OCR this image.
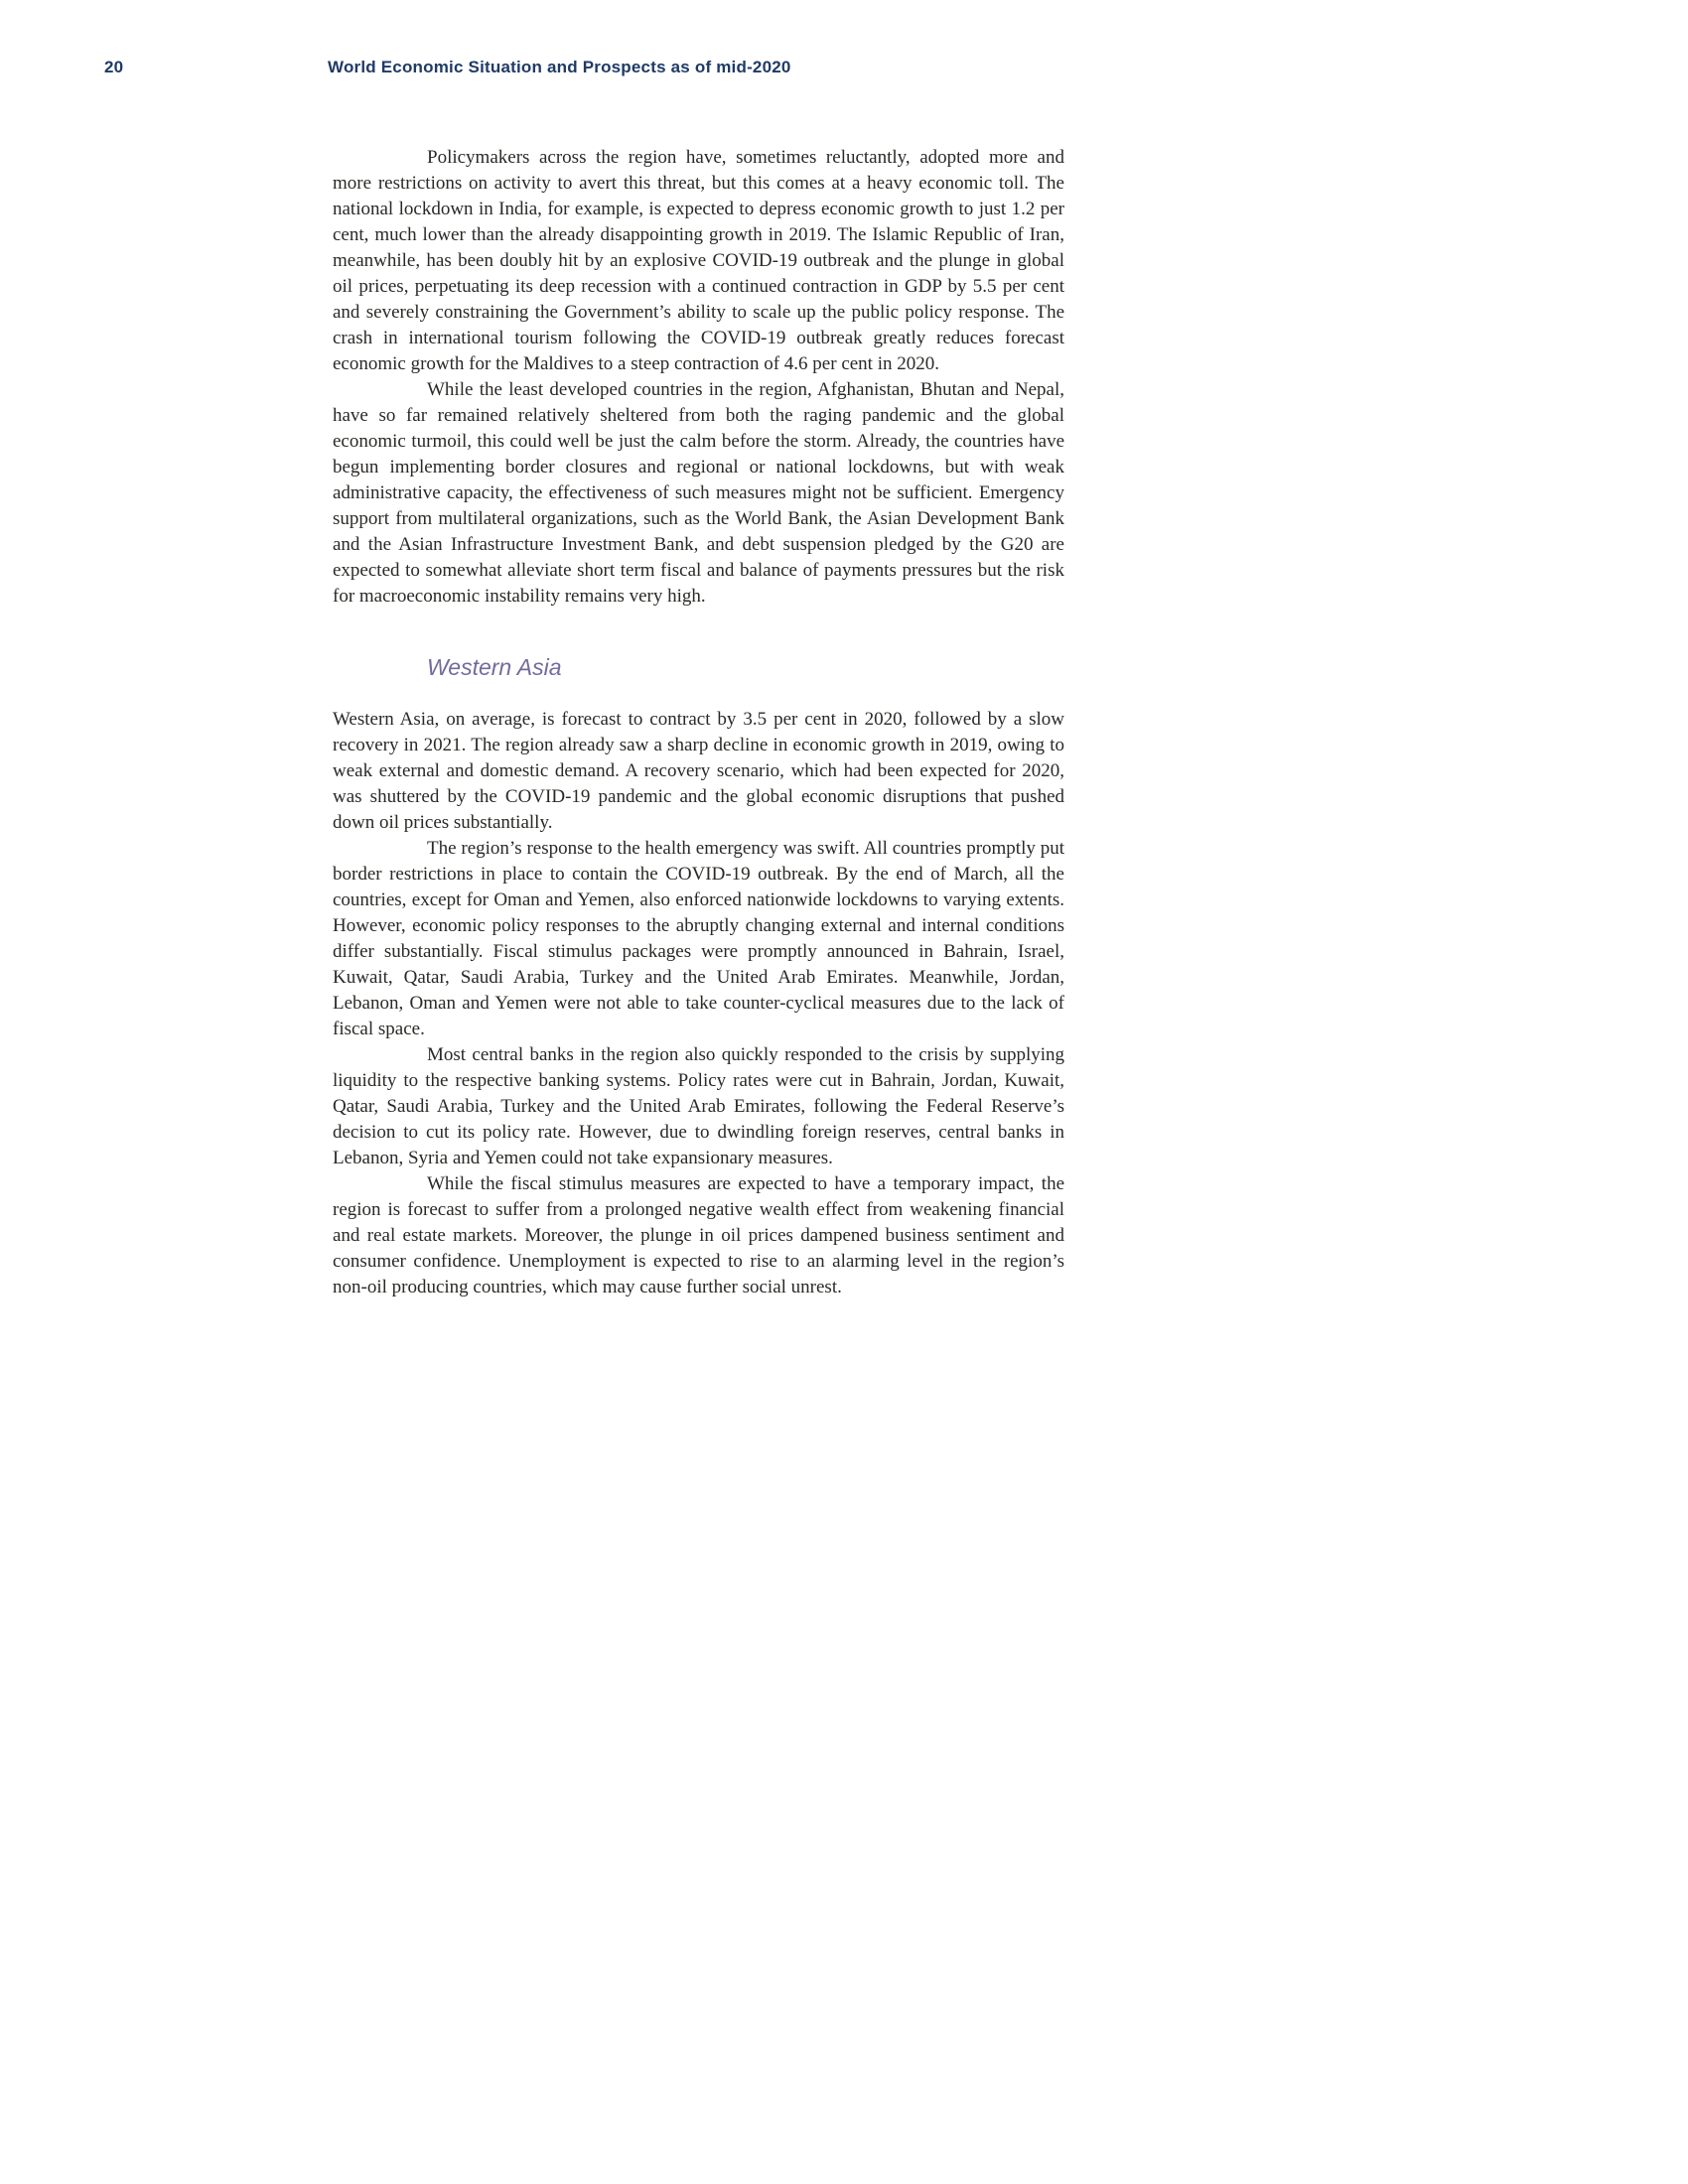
20	World Economic Situation and Prospects as of mid-2020

Policymakers across the region have, sometimes reluctantly, adopted more and more restrictions on activity to avert this threat, but this comes at a heavy economic toll. The national lockdown in India, for example, is expected to depress economic growth to just 1.2 per cent, much lower than the already disappointing growth in 2019. The Islamic Republic of Iran, meanwhile, has been doubly hit by an explosive COVID-19 outbreak and the plunge in global oil prices, perpetuating its deep recession with a continued contraction in GDP by 5.5 per cent and severely constraining the Government’s ability to scale up the public policy response. The crash in international tourism following the COVID-19 outbreak greatly reduces forecast economic growth for the Maldives to a steep contraction of 4.6 per cent in 2020.

While the least developed countries in the region, Afghanistan, Bhutan and Nepal, have so far remained relatively sheltered from both the raging pandemic and the global economic turmoil, this could well be just the calm before the storm. Already, the countries have begun implementing border closures and regional or national lockdowns, but with weak administrative capacity, the effectiveness of such measures might not be sufficient. Emergency support from multilateral organizations, such as the World Bank, the Asian Development Bank and the Asian Infrastructure Investment Bank, and debt suspension pledged by the G20 are expected to somewhat alleviate short term fiscal and balance of payments pressures but the risk for macroeconomic instability remains very high.

Western Asia

Western Asia, on average, is forecast to contract by 3.5 per cent in 2020, followed by a slow recovery in 2021. The region already saw a sharp decline in economic growth in 2019, owing to weak external and domestic demand. A recovery scenario, which had been expected for 2020, was shuttered by the COVID-19 pandemic and the global economic disruptions that pushed down oil prices substantially.

The region’s response to the health emergency was swift. All countries promptly put border restrictions in place to contain the COVID-19 outbreak. By the end of March, all the countries, except for Oman and Yemen, also enforced nationwide lockdowns to varying extents. However, economic policy responses to the abruptly changing external and internal conditions differ substantially. Fiscal stimulus packages were promptly announced in Bahrain, Israel, Kuwait, Qatar, Saudi Arabia, Turkey and the United Arab Emirates. Meanwhile, Jordan, Lebanon, Oman and Yemen were not able to take counter-cyclical measures due to the lack of fiscal space.

Most central banks in the region also quickly responded to the crisis by supplying liquidity to the respective banking systems. Policy rates were cut in Bahrain, Jordan, Kuwait, Qatar, Saudi Arabia, Turkey and the United Arab Emirates, following the Federal Reserve’s decision to cut its policy rate. However, due to dwindling foreign reserves, central banks in Lebanon, Syria and Yemen could not take expansionary measures.

While the fiscal stimulus measures are expected to have a temporary impact, the region is forecast to suffer from a prolonged negative wealth effect from weakening financial and real estate markets. Moreover, the plunge in oil prices dampened business sentiment and consumer confidence. Unemployment is expected to rise to an alarming level in the region’s non-oil producing countries, which may cause further social unrest.
